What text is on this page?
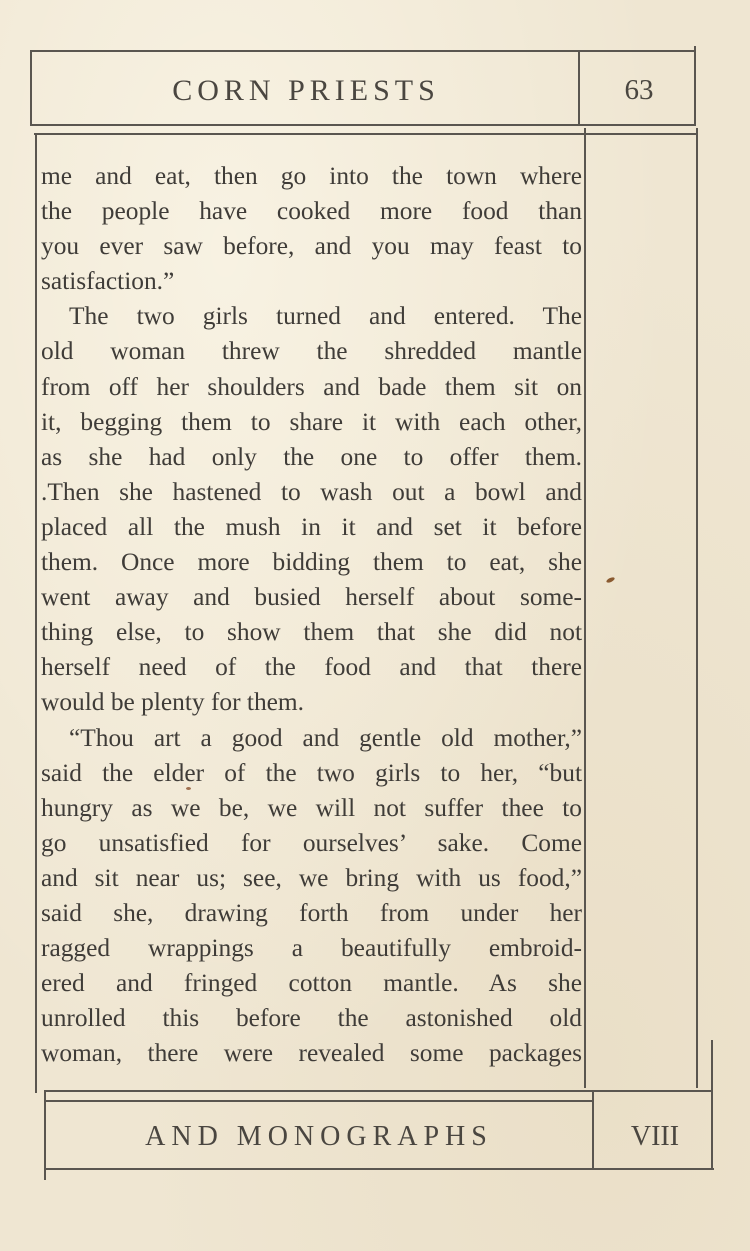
CORN PRIESTS	63

me and eat, then go into the town where
the people have cooked more food than
you ever saw before, and you may feast to
satisfaction.”

The two girls turned and entered. The
old woman threw the shredded mantle
from off her shoulders and bade them sit on
it, begging them to share it with each other,
as she had only the one to offer them.
.Then she hastened to wash out a bowl and
placed all the mush in it and set it before
them. Once more bidding them to eat, she
went away and busied herself about some-
thing else, to show them that she did not
herself need of the food and that there
would be plenty for them.

“Thou art a good and gentle old mother,”
said the elder of the two girls to her, “but
hungry as we be, we will not suffer thee to
go unsatisfied for ourselves’ sake. Come
and sit near us; see, we bring with us food,”
said she, drawing forth from under her
ragged wrappings a beautifully embroid-
ered and fringed cotton mantle. As she
unrolled this before the astonished old
woman, there were revealed some packages

AND MONOGRAPHS	VIII
